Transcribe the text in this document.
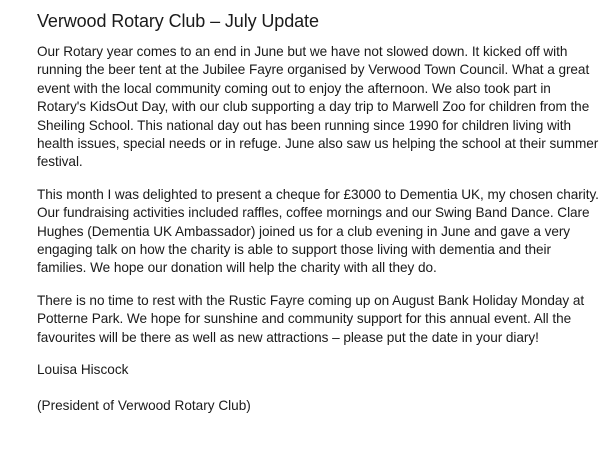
Verwood Rotary Club – July Update

Our Rotary year comes to an end in June but we have not slowed down. It kicked off with running the beer tent at the Jubilee Fayre organised by Verwood Town Council. What a great event with the local community coming out to enjoy the afternoon. We also took part in Rotary's KidsOut Day, with our club supporting a day trip to Marwell Zoo for children from the Sheiling School. This national day out has been running since 1990 for children living with health issues, special needs or in refuge. June also saw us helping the school at their summer festival.

This month I was delighted to present a cheque for £3000 to Dementia UK, my chosen charity. Our fundraising activities included raffles, coffee mornings and our Swing Band Dance. Clare Hughes (Dementia UK Ambassador) joined us for a club evening in June and gave a very engaging talk on how the charity is able to support those living with dementia and their families. We hope our donation will help the charity with all they do.

There is no time to rest with the Rustic Fayre coming up on August Bank Holiday Monday at Potterne Park. We hope for sunshine and community support for this annual event. All the favourites will be there as well as new attractions – please put the date in your diary!

Louisa Hiscock
(President of Verwood Rotary Club)
